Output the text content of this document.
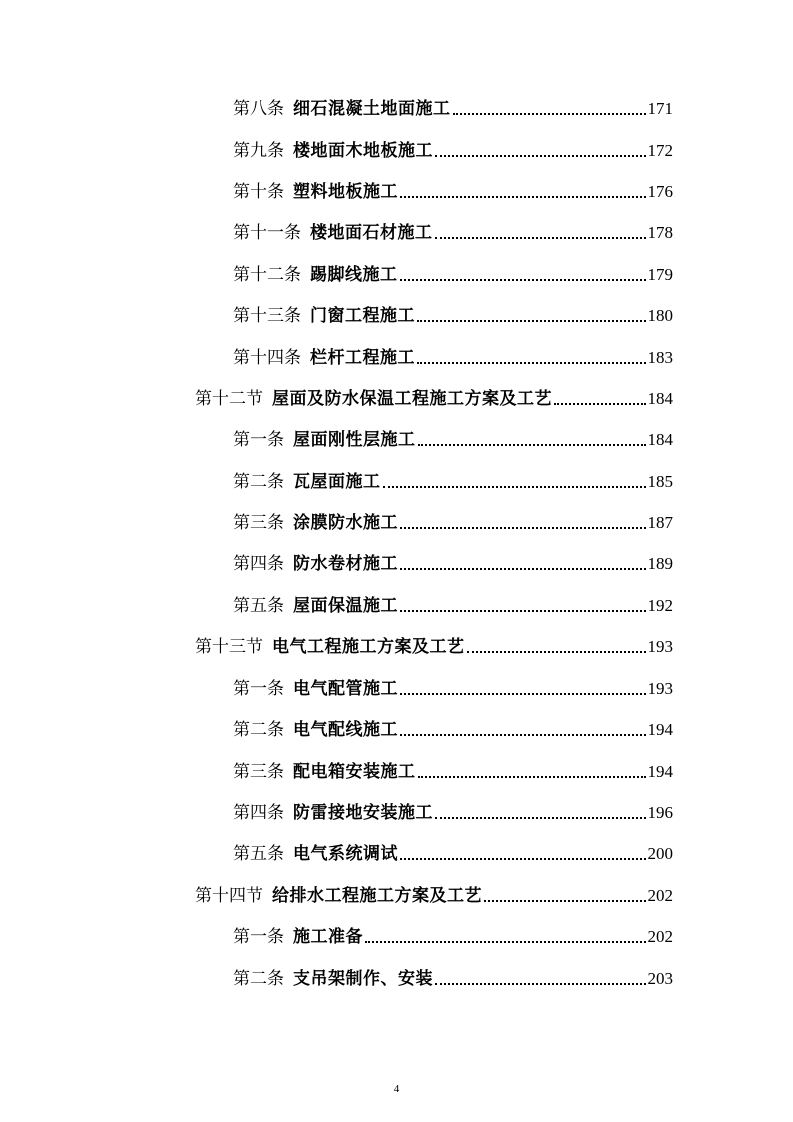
第八条 细石混凝土地面施工	171
第九条 楼地面木地板施工	172
第十条 塑料地板施工	176
第十一条 楼地面石材施工	178
第十二条 踢脚线施工	179
第十三条 门窗工程施工	180
第十四条 栏杆工程施工	183
第十二节 屋面及防水保温工程施工方案及工艺	184
第一条 屋面刚性层施工	184
第二条 瓦屋面施工	185
第三条 涂膜防水施工	187
第四条 防水卷材施工	189
第五条 屋面保温施工	192
第十三节 电气工程施工方案及工艺	193
第一条 电气配管施工	193
第二条 电气配线施工	194
第三条 配电箱安装施工	194
第四条 防雷接地安装施工	196
第五条 电气系统调试	200
第十四节 给排水工程施工方案及工艺	202
第一条 施工准备	202
第二条 支吊架制作、安装	203
4
